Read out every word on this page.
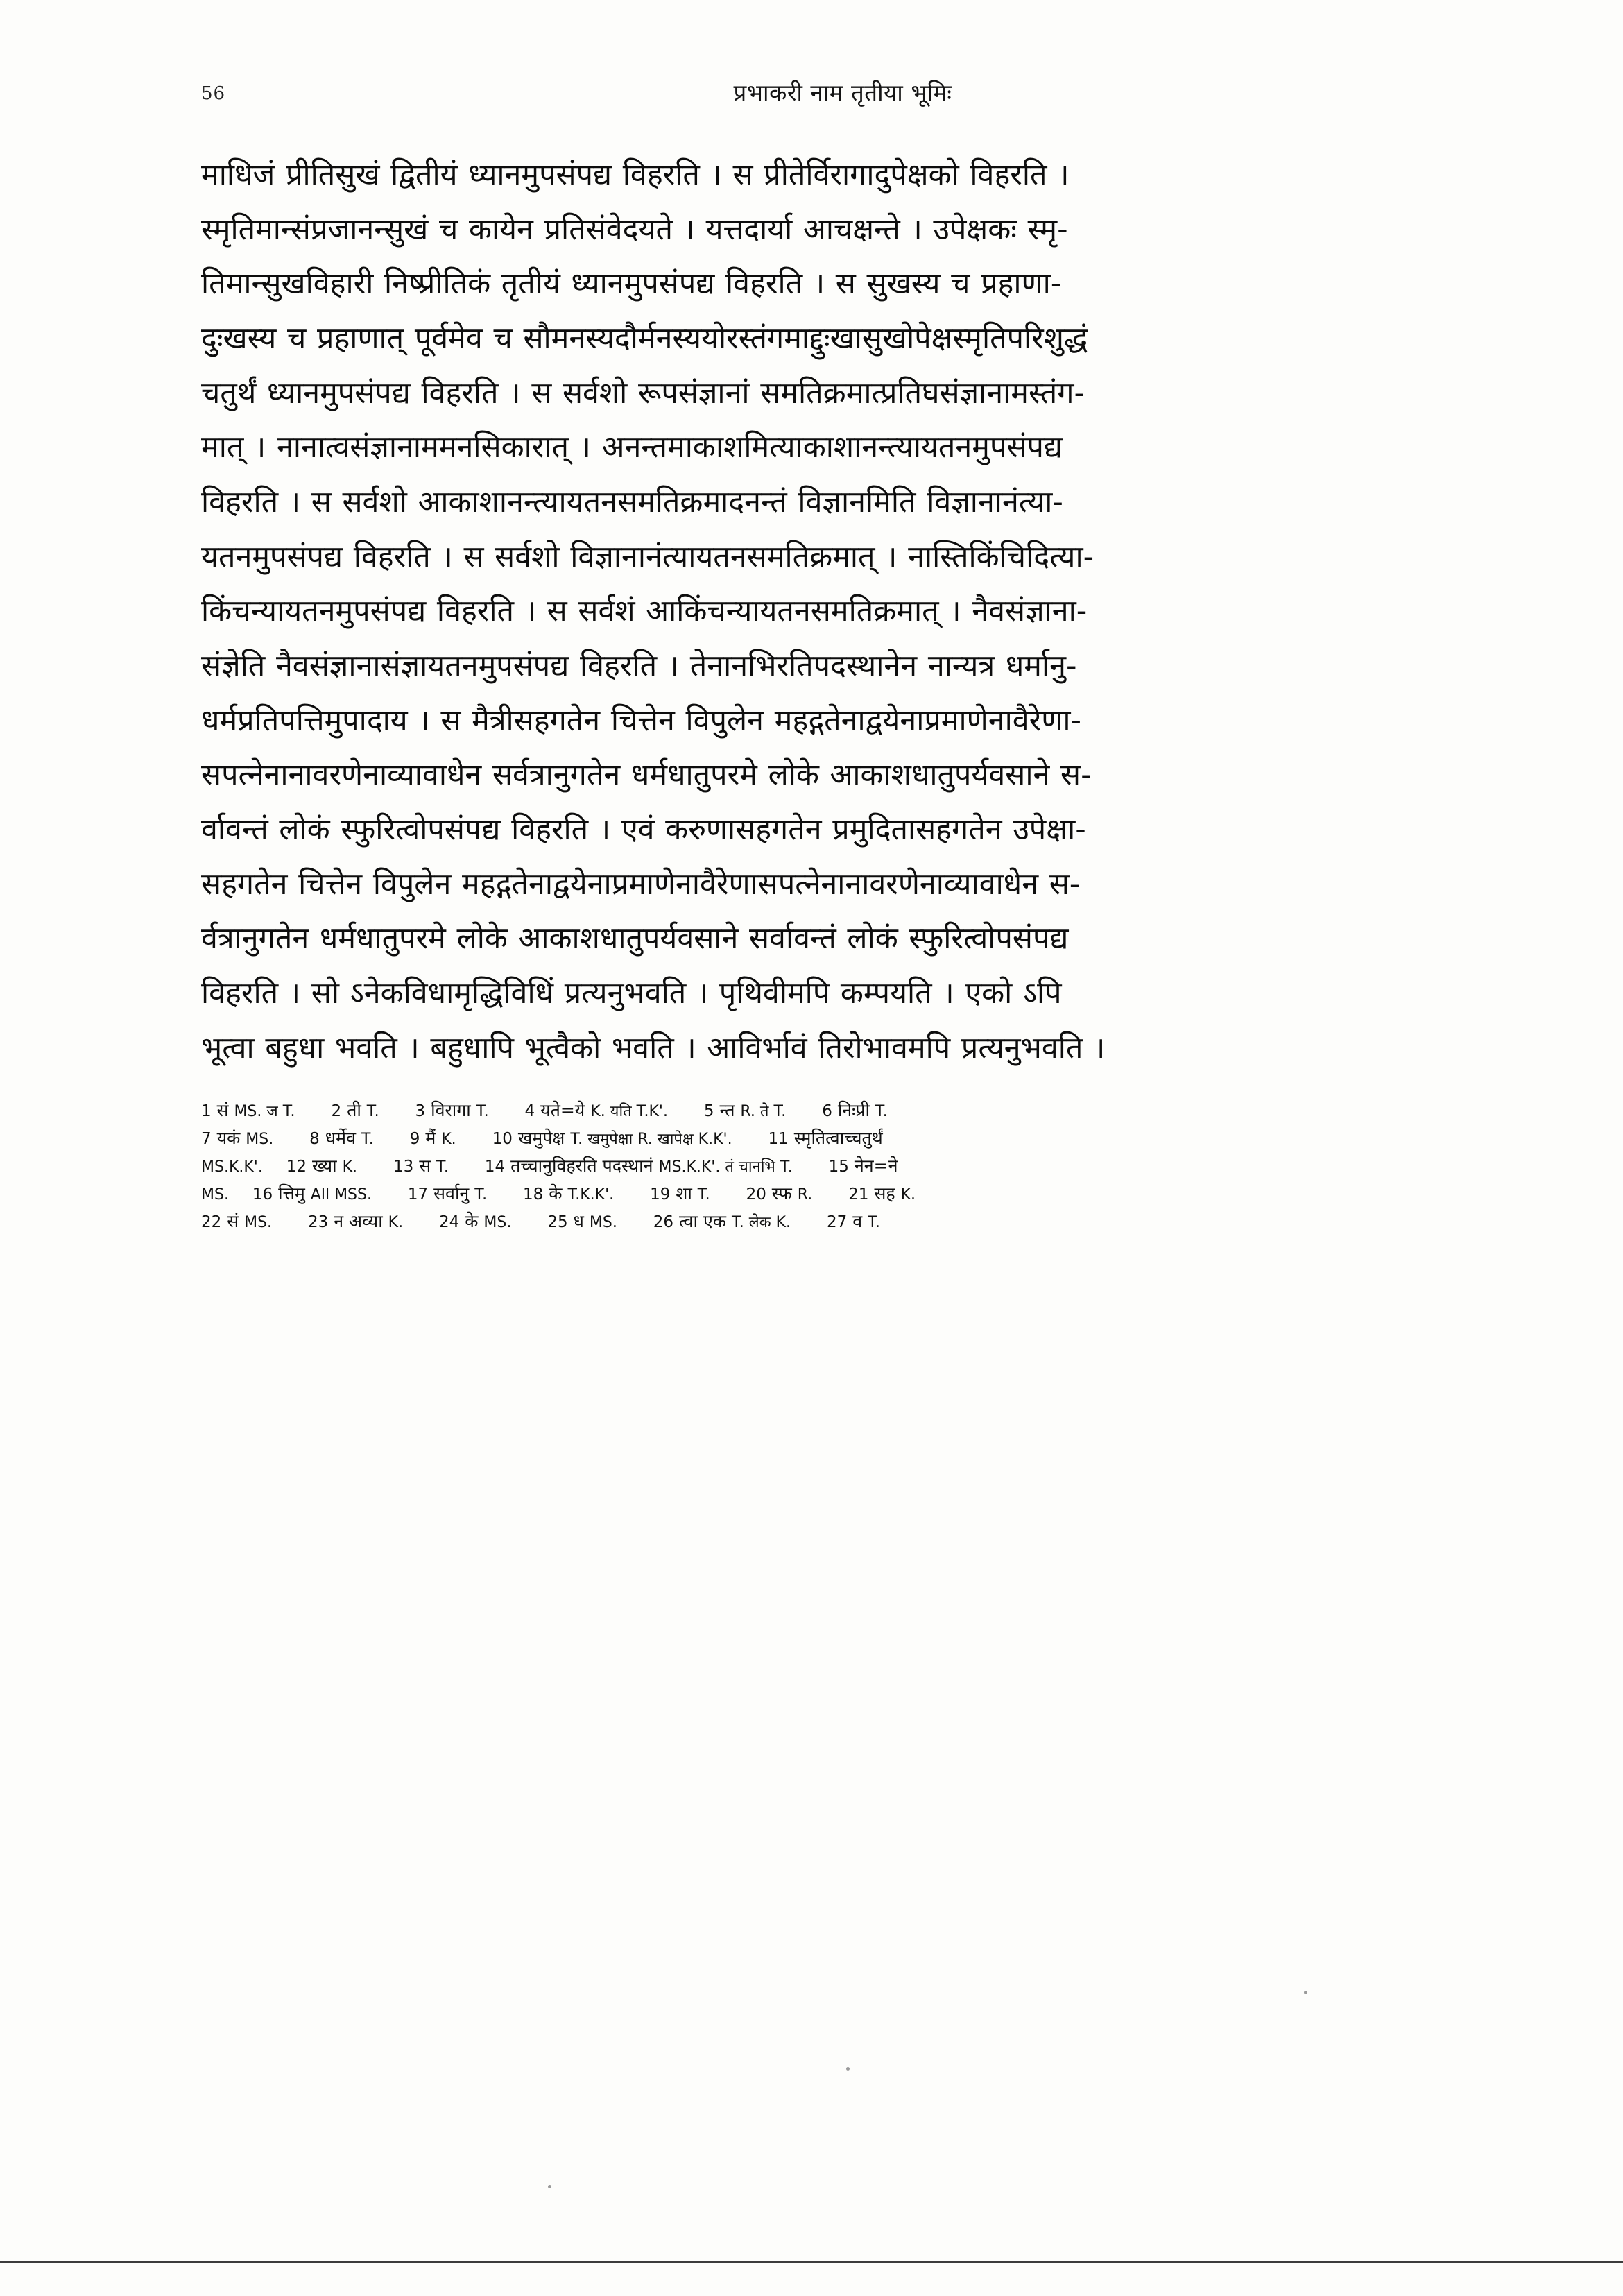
56	प्रभाकरी नाम तृतीया भूमिः
माधिजं प्रीतिसुखं द्वितीयं ध्यानमुपसंपद्य विहरति । स प्रीतेर्विरागादुपेक्षको विहरति ।
स्मृतिमान्संप्रजानन्सुखं च कायेन प्रतिसंवेदयते । यत्तदार्या आचक्षन्ते । उपेक्षकः स्मृ-
तिमान्सुखविहारी निष्प्रीतिकं तृतीयं ध्यानमुपसंपद्य विहरति । स सुखस्य च प्रहाणा-
दुःखस्य च प्रहाणात् पूर्वमेव च सौमनस्यदौर्मनस्ययोरस्तंगमाद्दुःखासुखोपेक्षस्मृतिपरिशुद्धं
चतुर्थं ध्यानमुपसंपद्य विहरति । स सर्वशो रूपसंज्ञानां समतिक्रमात्प्रतिघसंज्ञानामस्तंग-
मात् । नानात्वसंज्ञानाममनसिकारात् । अनन्तमाकाशमित्याकाशानन्त्यायतनमुपसंपद्य
विहरति । स सर्वशो आकाशानन्त्यायतनसमतिक्रमादनन्तं विज्ञानमिति विज्ञानानंत्या-
यतनमुपसंपद्य विहरति । स सर्वशो विज्ञानानंत्यायतनसमतिक्रमात् । नास्तिकिंचिदित्या-
किंचन्यायतनमुपसंपद्य विहरति । स सर्वशं आकिंचन्यायतनसमतिक्रमात् । नैवसंज्ञाना-
संज्ञेति नैवसंज्ञानासंज्ञायतनमुपसंपद्य विहरति । तेनानभिरतिपदस्थानेन नान्यत्र धर्मानु-
धर्मप्रतिपत्तिमुपादाय । स मैत्रीसहगतेन चित्तेन विपुलेन महद्गतेनाद्वयेनाप्रमाणेनावैरेणा-
सपत्नेनानावरणेनाव्यावाधेन सर्वत्रानुगतेन धर्मधातुपरमे लोके आकाशधातुपर्यवसाने स-
र्वावन्तं लोकं स्फुरित्वोपसंपद्य विहरति । एवं करुणासहगतेन प्रमुदितासहगतेन उपेक्षा-
सहगतेन चित्तेन विपुलेन महद्गतेनाद्वयेनाप्रमाणेनावैरेणासपत्नेनानावरणेनाव्यावाधेन स-
र्वत्रानुगतेन धर्मधातुपरमे लोके आकाशधातुपर्यवसाने सर्वावन्तं लोकं स्फुरित्वोपसंपद्य
विहरति । सो ऽनेकविधामृद्धिविधिं प्रत्यनुभवति । पृथिवीमपि कम्पयति । एको ऽपि
भूत्वा बहुधा भवति । बहुधापि भूत्वैको भवति । आविर्भावं तिरोभावमपि प्रत्यनुभवति ।
1 सं MS. ज T. 2 ती T. 3 विरागा T. 4 यते=ये K. यति T.K'. 5 न्त R. ते T. 6 निःप्री T.
7 यकं MS. 8 धर्मेव T. 9 मैं K. 10 खमुपेक्ष T. खमुपेक्षा R. खापेक्ष K.K'. 11 स्मृतित्वाच्चतुर्थं
MS.K.K'. 12 ख्या K. 13 स T. 14 तच्चानुविहरति पदस्थानं MS.K.K'. तं चानभि T. 15 नेन=ने
MS. 16 त्तिमु All MSS. 17 सर्वानु T. 18 के T.K.K'. 19 शा T. 20 स्फ R. 21 सह K.
22 सं MS. 23 न अव्या K. 24 के MS. 25 ध MS. 26 त्वा एक T. लेक K. 27 व T.
